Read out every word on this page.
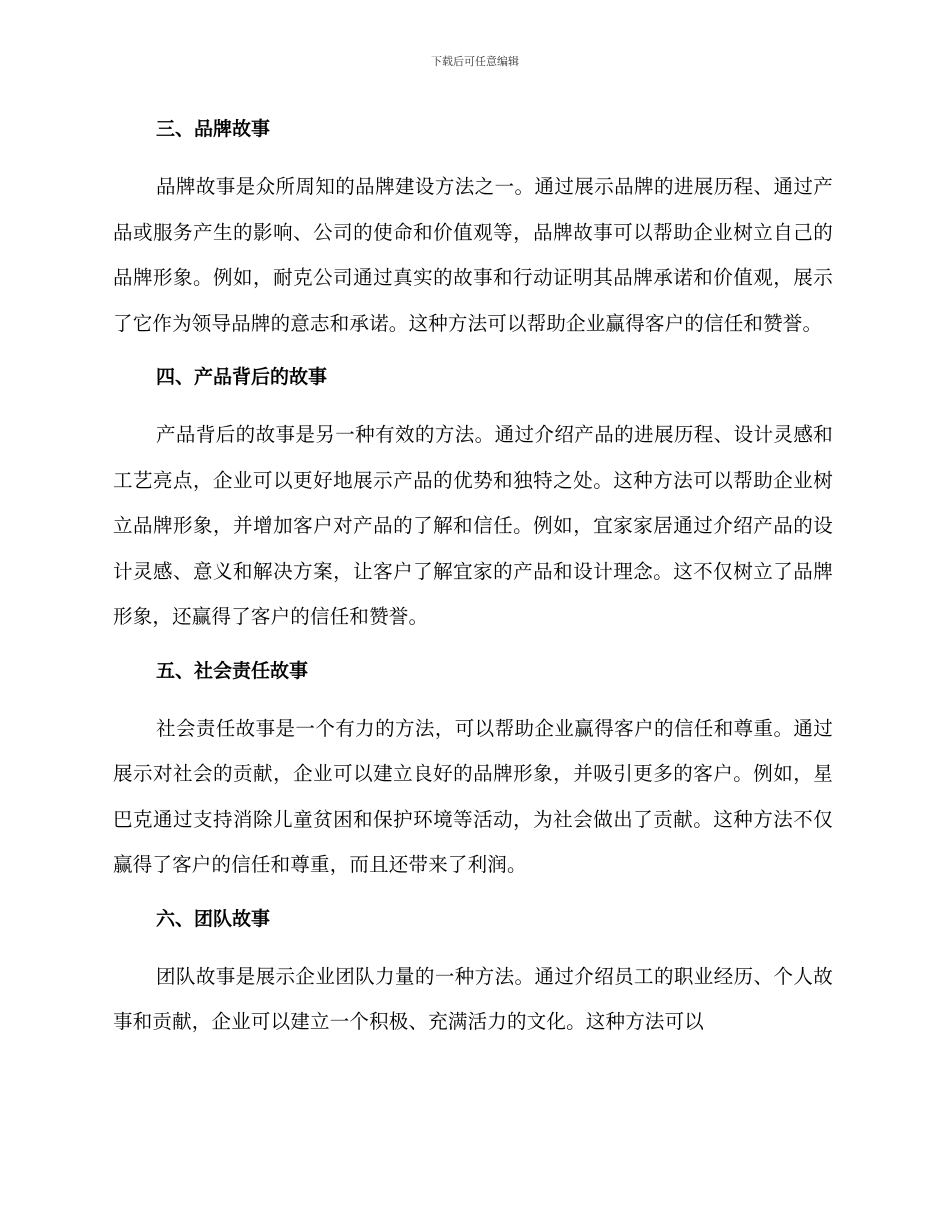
下载后可任意编辑
三、品牌故事

品牌故事是众所周知的品牌建设方法之一。通过展示品牌的进展历程、通过产品或服务产生的影响、公司的使命和价值观等，品牌故事可以帮助企业树立自己的品牌形象。例如，耐克公司通过真实的故事和行动证明其品牌承诺和价值观，展示了它作为领导品牌的意志和承诺。这种方法可以帮助企业赢得客户的信任和赞誉。

四、产品背后的故事

产品背后的故事是另一种有效的方法。通过介绍产品的进展历程、设计灵感和工艺亮点，企业可以更好地展示产品的优势和独特之处。这种方法可以帮助企业树立品牌形象，并增加客户对产品的了解和信任。例如，宜家家居通过介绍产品的设计灵感、意义和解决方案，让客户了解宜家的产品和设计理念。这不仅树立了品牌形象，还赢得了客户的信任和赞誉。

五、社会责任故事

社会责任故事是一个有力的方法，可以帮助企业赢得客户的信任和尊重。通过展示对社会的贡献，企业可以建立良好的品牌形象，并吸引更多的客户。例如，星巴克通过支持消除儿童贫困和保护环境等活动，为社会做出了贡献。这种方法不仅赢得了客户的信任和尊重，而且还带来了利润。

六、团队故事

团队故事是展示企业团队力量的一种方法。通过介绍员工的职业经历、个人故事和贡献，企业可以建立一个积极、充满活力的文化。这种方法可以
